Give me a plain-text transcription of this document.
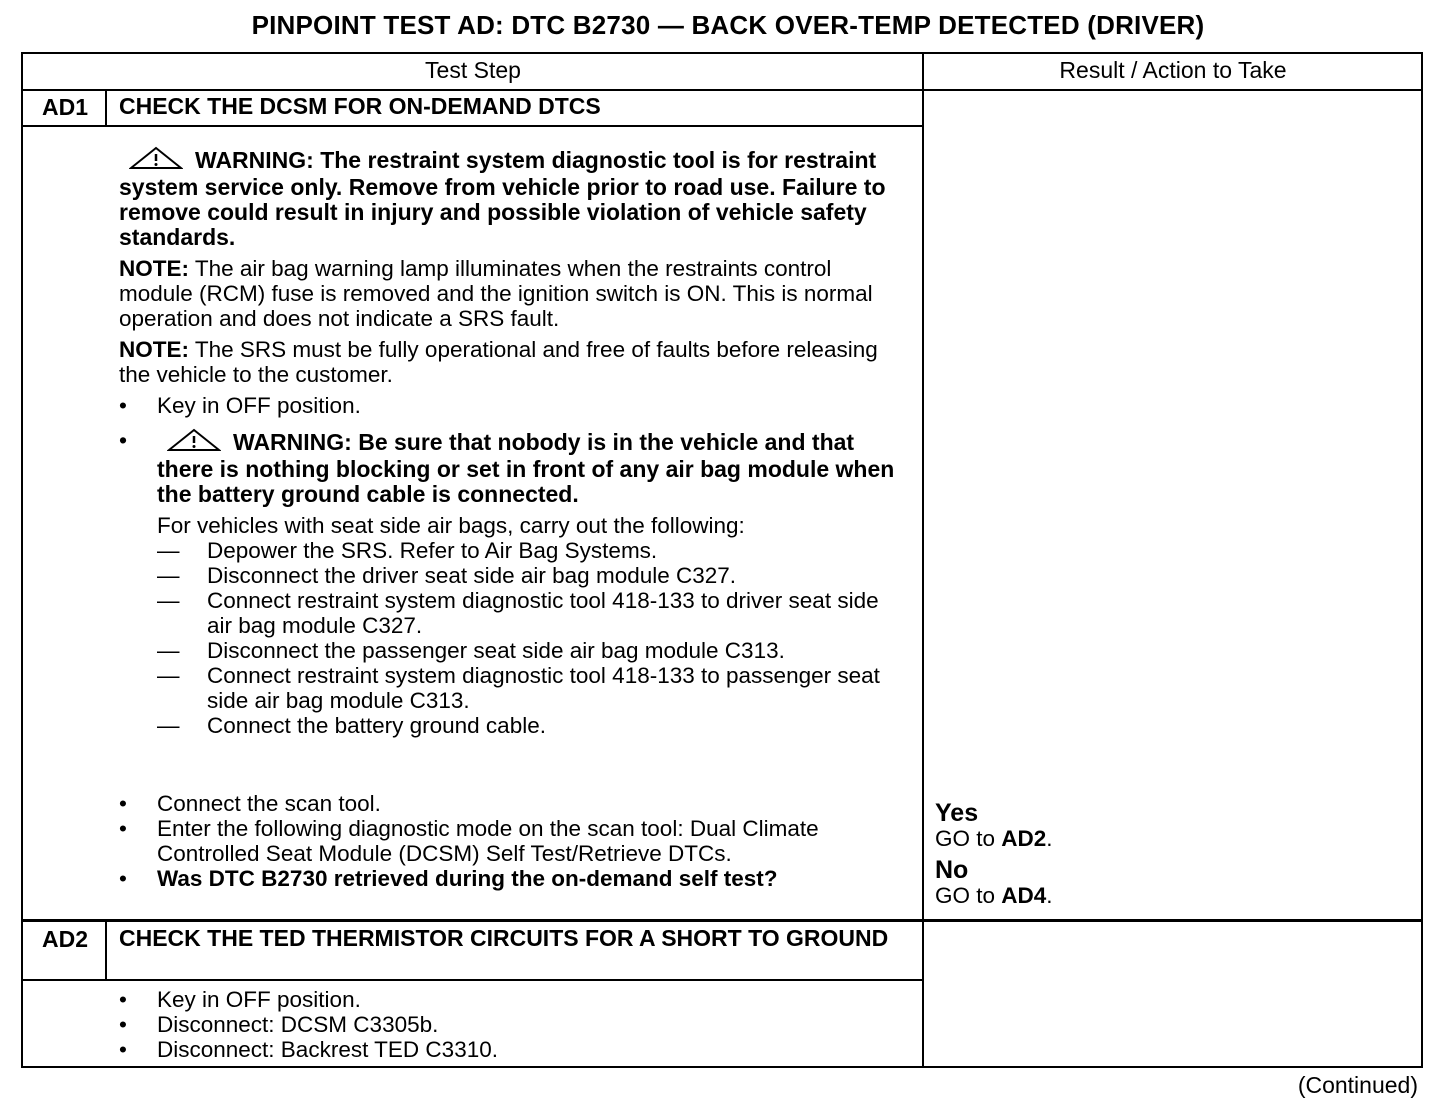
PINPOINT TEST AD: DTC B2730 — BACK OVER-TEMP DETECTED (DRIVER)
Test Step	Result / Action to Take
AD1	CHECK THE DCSM FOR ON-DEMAND DTCS
WARNING: The restraint system diagnostic tool is for restraint system service only. Remove from vehicle prior to road use. Failure to remove could result in injury and possible violation of vehicle safety standards.
NOTE: The air bag warning lamp illuminates when the restraints control module (RCM) fuse is removed and the ignition switch is ON. This is normal operation and does not indicate a SRS fault.
NOTE: The SRS must be fully operational and free of faults before releasing the vehicle to the customer.
•	Key in OFF position.
•	WARNING: Be sure that nobody is in the vehicle and that there is nothing blocking or set in front of any air bag module when the battery ground cable is connected.
For vehicles with seat side air bags, carry out the following:
— Depower the SRS. Refer to Air Bag Systems.
— Disconnect the driver seat side air bag module C327.
— Connect restraint system diagnostic tool 418-133 to driver seat side air bag module C327.
— Disconnect the passenger seat side air bag module C313.
— Connect restraint system diagnostic tool 418-133 to passenger seat side air bag module C313.
— Connect the battery ground cable.
•	Connect the scan tool.
•	Enter the following diagnostic mode on the scan tool: Dual Climate Controlled Seat Module (DCSM) Self Test/Retrieve DTCs.
•	Was DTC B2730 retrieved during the on-demand self test?
Yes
GO to AD2.
No
GO to AD4.
AD2	CHECK THE TED THERMISTOR CIRCUITS FOR A SHORT TO GROUND
•	Key in OFF position.
•	Disconnect: DCSM C3305b.
•	Disconnect: Backrest TED C3310.
(Continued)
